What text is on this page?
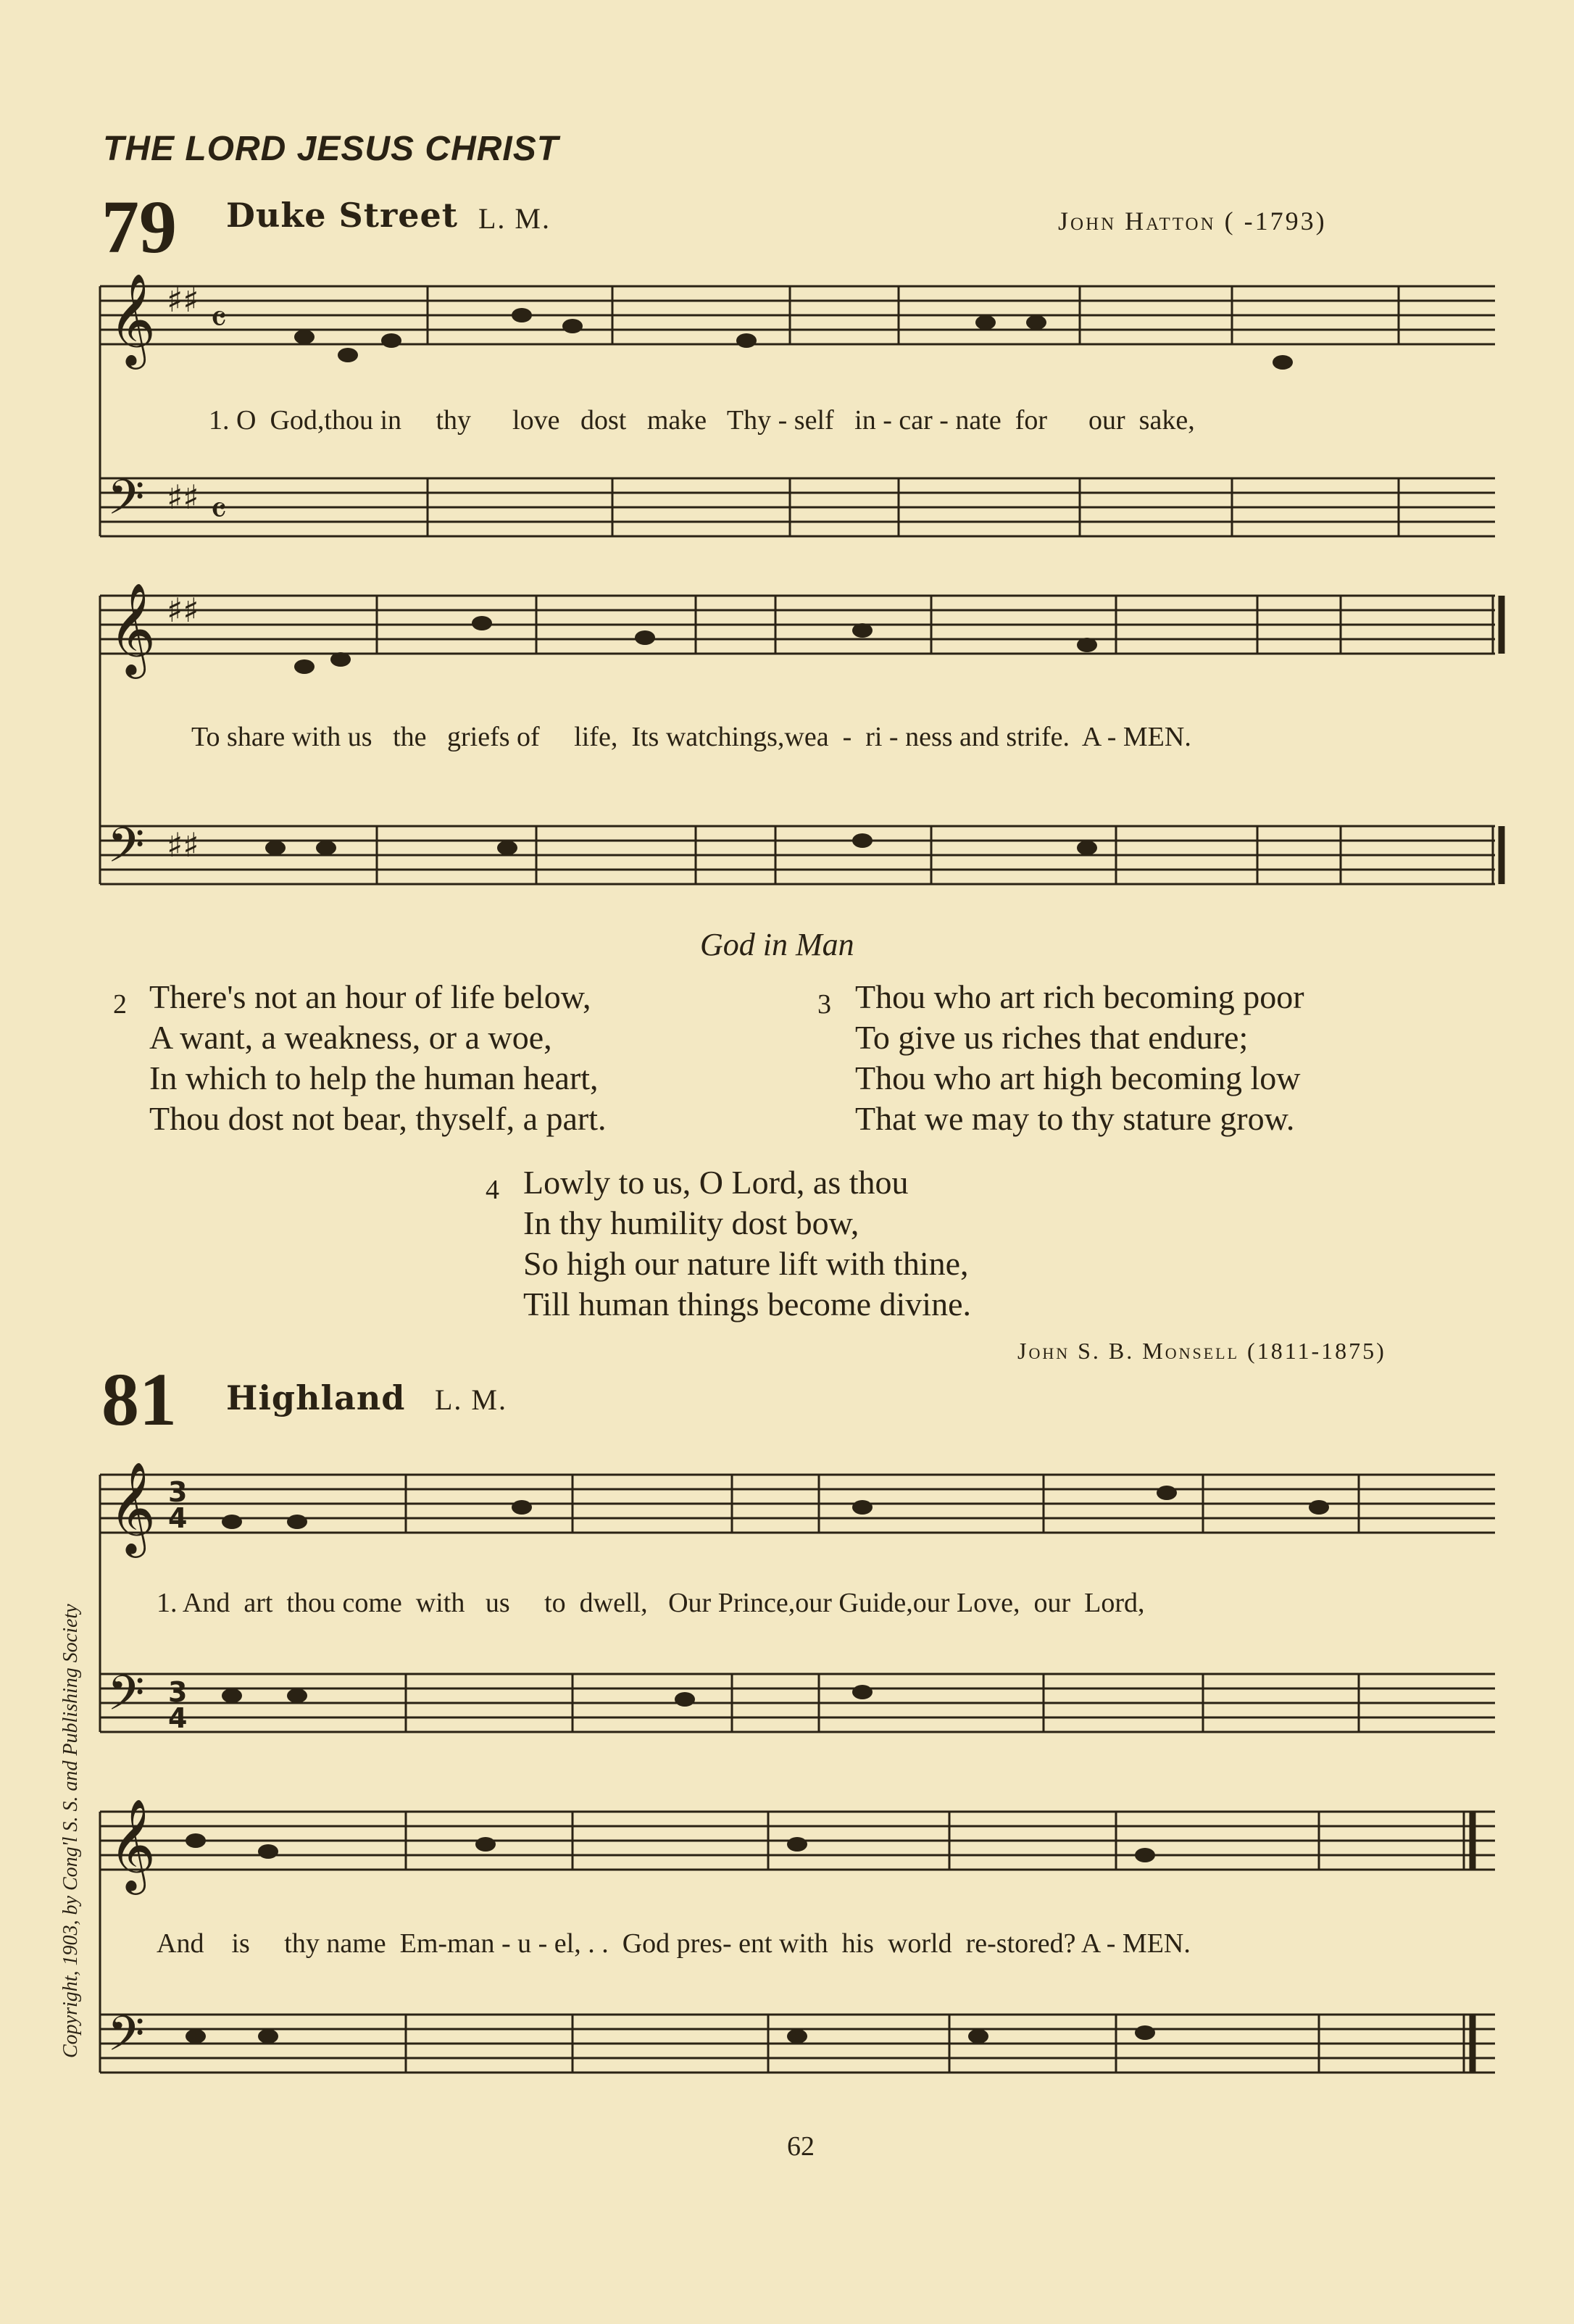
THE LORD JESUS CHRIST
79 Duke Street L. M.	John Hatton ( -1793)
𝄞 ♯♯ 𝄴
𝄢 ♯♯ 𝄴
𝄞 ♯♯
𝄢 ♯♯
𝄞 3
4
𝄢 3
4
𝄞
𝄢
1. O  God,thou in     thy      love   dost   make   Thy - self   in - car - nate  for      our  sake,
To share with us   the   griefs of     life,  Its watchings,wea  -  ri - ness and strife.  A - MEN.
God in Man
2 There's not an hour of life below,
A want, a weakness, or a woe,
In which to help the human heart,
Thou dost not bear, thyself, a part.
3 Thou who art rich becoming poor
To give us riches that endure;
Thou who art high becoming low
That we may to thy stature grow.
4 Lowly to us, O Lord, as thou
In thy humility dost bow,
So high our nature lift with thine,
Till human things become divine.
John S. B. Monsell (1811-1875)
81 Highland L. M.
1. And  art  thou come  with   us     to  dwell,   Our Prince,our Guide,our Love,  our  Lord,
And    is     thy name  Em-man - u - el, . .  God pres- ent with  his  world  re-stored? A - MEN.
Copyright, 1903, by Cong'l S. S. and Publishing Society
62
